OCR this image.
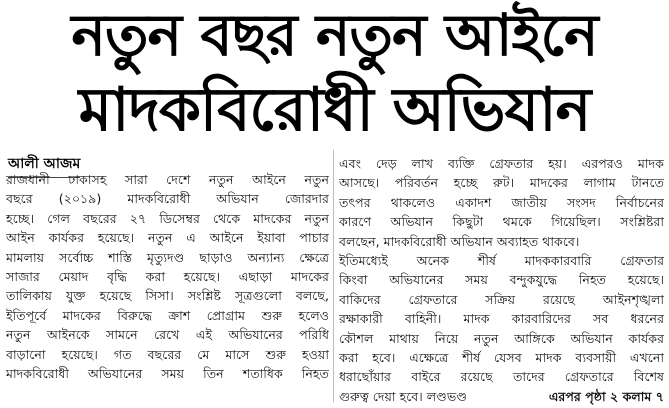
নতুন বছর নতুন আইনে
মাদকবিরোধী অভিযান
আলী আজম
রাজধানী ঢাকাসহ সারা দেশে নতুন আইনে নতুন
বছরে (২০১৯) মাদকবিরোধী অভিযান জোরদার
হচ্ছে। গেল বছরের ২৭ ডিসেম্বর থেকে মাদকের নতুন
আইন কার্যকর হয়েছে। নতুন এ আইনে ইয়াবা পাচার
মামলায় সর্বোচ্চ শাস্তি মৃত্যুদণ্ড ছাড়াও অন্যান্য ক্ষেত্রে
সাজার মেয়াদ বৃদ্ধি করা হয়েছে। এছাড়া মাদকের
তালিকায় যুক্ত হয়েছে সিসা। সংশ্লিষ্ট সূত্রগুলো বলছে,
ইতিপূর্বে মাদকের বিরুদ্ধে ক্রাশ প্রোগ্রাম শুরু হলেও
নতুন আইনকে সামনে রেখে এই অভিযানের পরিধি
বাড়ানো হয়েছে। গত বছরের মে মাসে শুরু হওয়া
মাদকবিরোধী অভিযানের সময় তিন শতাধিক নিহত
এবং দেড় লাখ ব্যক্তি গ্রেফতার হয়। এরপরও মাদক
আসছে। পরিবর্তন হচ্ছে রুট। মাদকের লাগাম টানতে
তৎপর থাকলেও একাদশ জাতীয় সংসদ নির্বাচনের
কারণে অভিযান কিছুটা থমকে গিয়েছিল। সংশ্লিষ্টরা
বলছেন, মাদকবিরোধী অভিযান অব্যাহত থাকবে।
ইতিমধ্যেই অনেক শীর্ষ মাদককারবারি গ্রেফতার
কিংবা অভিযানের সময় বন্দুকযুদ্ধে নিহত হয়েছে।
বাকিদের গ্রেফতারে সক্রিয় রয়েছে আইনশৃঙ্খলা
রক্ষাকারী বাহিনী। মাদক কারবারিদের সব ধরনের
কৌশল মাথায় নিয়ে নতুন আঙ্গিকে অভিযান কার্যকর
করা হবে। এক্ষেত্রে শীর্ষ যেসব মাদক ব্যবসায়ী এখনো
ধরাছোঁয়ার বাইরে রয়েছে তাদের গ্রেফতারে বিশেষ
গুরুত্ব দেয়া হবে। লণ্ডভণ্ড	এরপর পৃষ্ঠা ২ কলাম ৭
